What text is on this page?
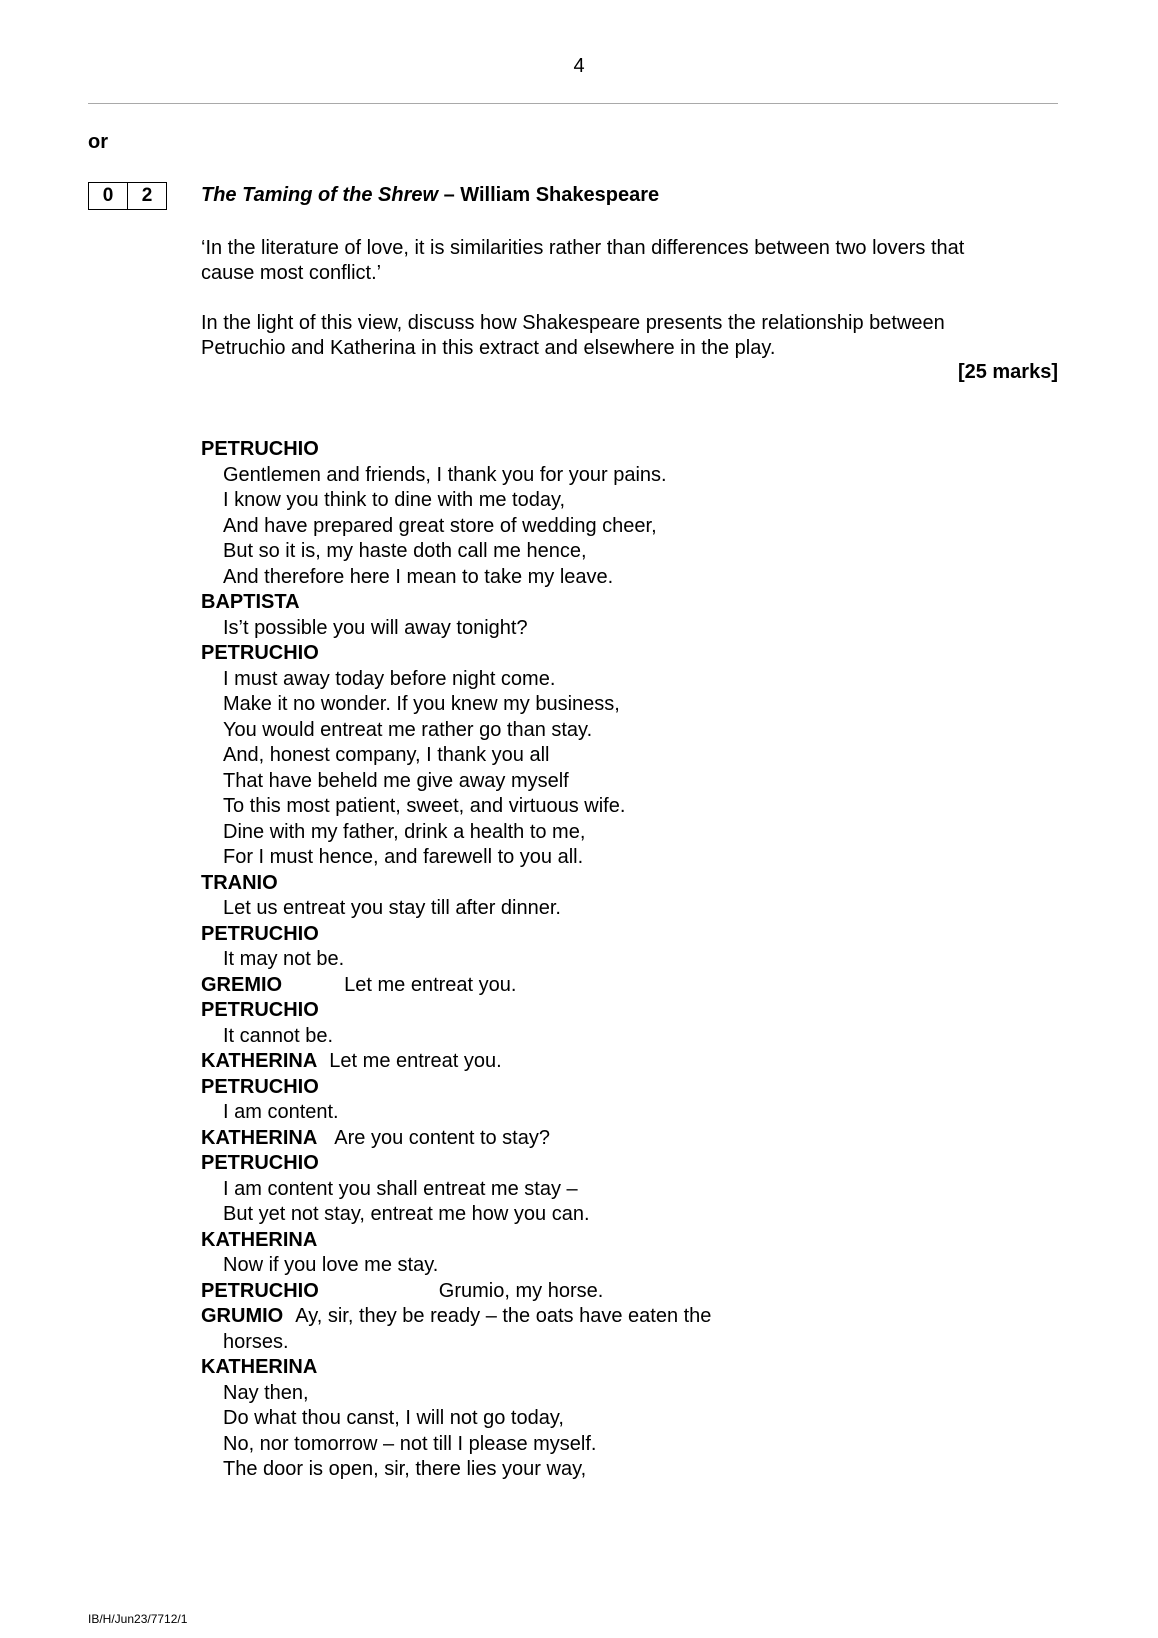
4
or
0	2	The Taming of the Shrew – William Shakespeare
‘In the literature of love, it is similarities rather than differences between two lovers that
cause most conflict.’
In the light of this view, discuss how Shakespeare presents the relationship between
Petruchio and Katherina in this extract and elsewhere in the play.
[25 marks]
PETRUCHIO
Gentlemen and friends, I thank you for your pains.
I know you think to dine with me today,
And have prepared great store of wedding cheer,
But so it is, my haste doth call me hence,
And therefore here I mean to take my leave.
BAPTISTA
Is’t possible you will away tonight?
PETRUCHIO
I must away today before night come.
Make it no wonder. If you knew my business,
You would entreat me rather go than stay.
And, honest company, I thank you all
That have beheld me give away myself
To this most patient, sweet, and virtuous wife.
Dine with my father, drink a health to me,
For I must hence, and farewell to you all.
TRANIO
Let us entreat you stay till after dinner.
PETRUCHIO
It may not be.
GREMIO	Let me entreat you.
PETRUCHIO
It cannot be.
KATHERINA Let me entreat you.
PETRUCHIO
I am content.
KATHERINA Are you content to stay?
PETRUCHIO
I am content you shall entreat me stay –
But yet not stay, entreat me how you can.
KATHERINA
Now if you love me stay.
PETRUCHIO	Grumio, my horse.
GRUMIO Ay, sir, they be ready – the oats have eaten the
horses.
KATHERINA
Nay then,
Do what thou canst, I will not go today,
No, nor tomorrow – not till I please myself.
The door is open, sir, there lies your way,
IB/H/Jun23/7712/1
